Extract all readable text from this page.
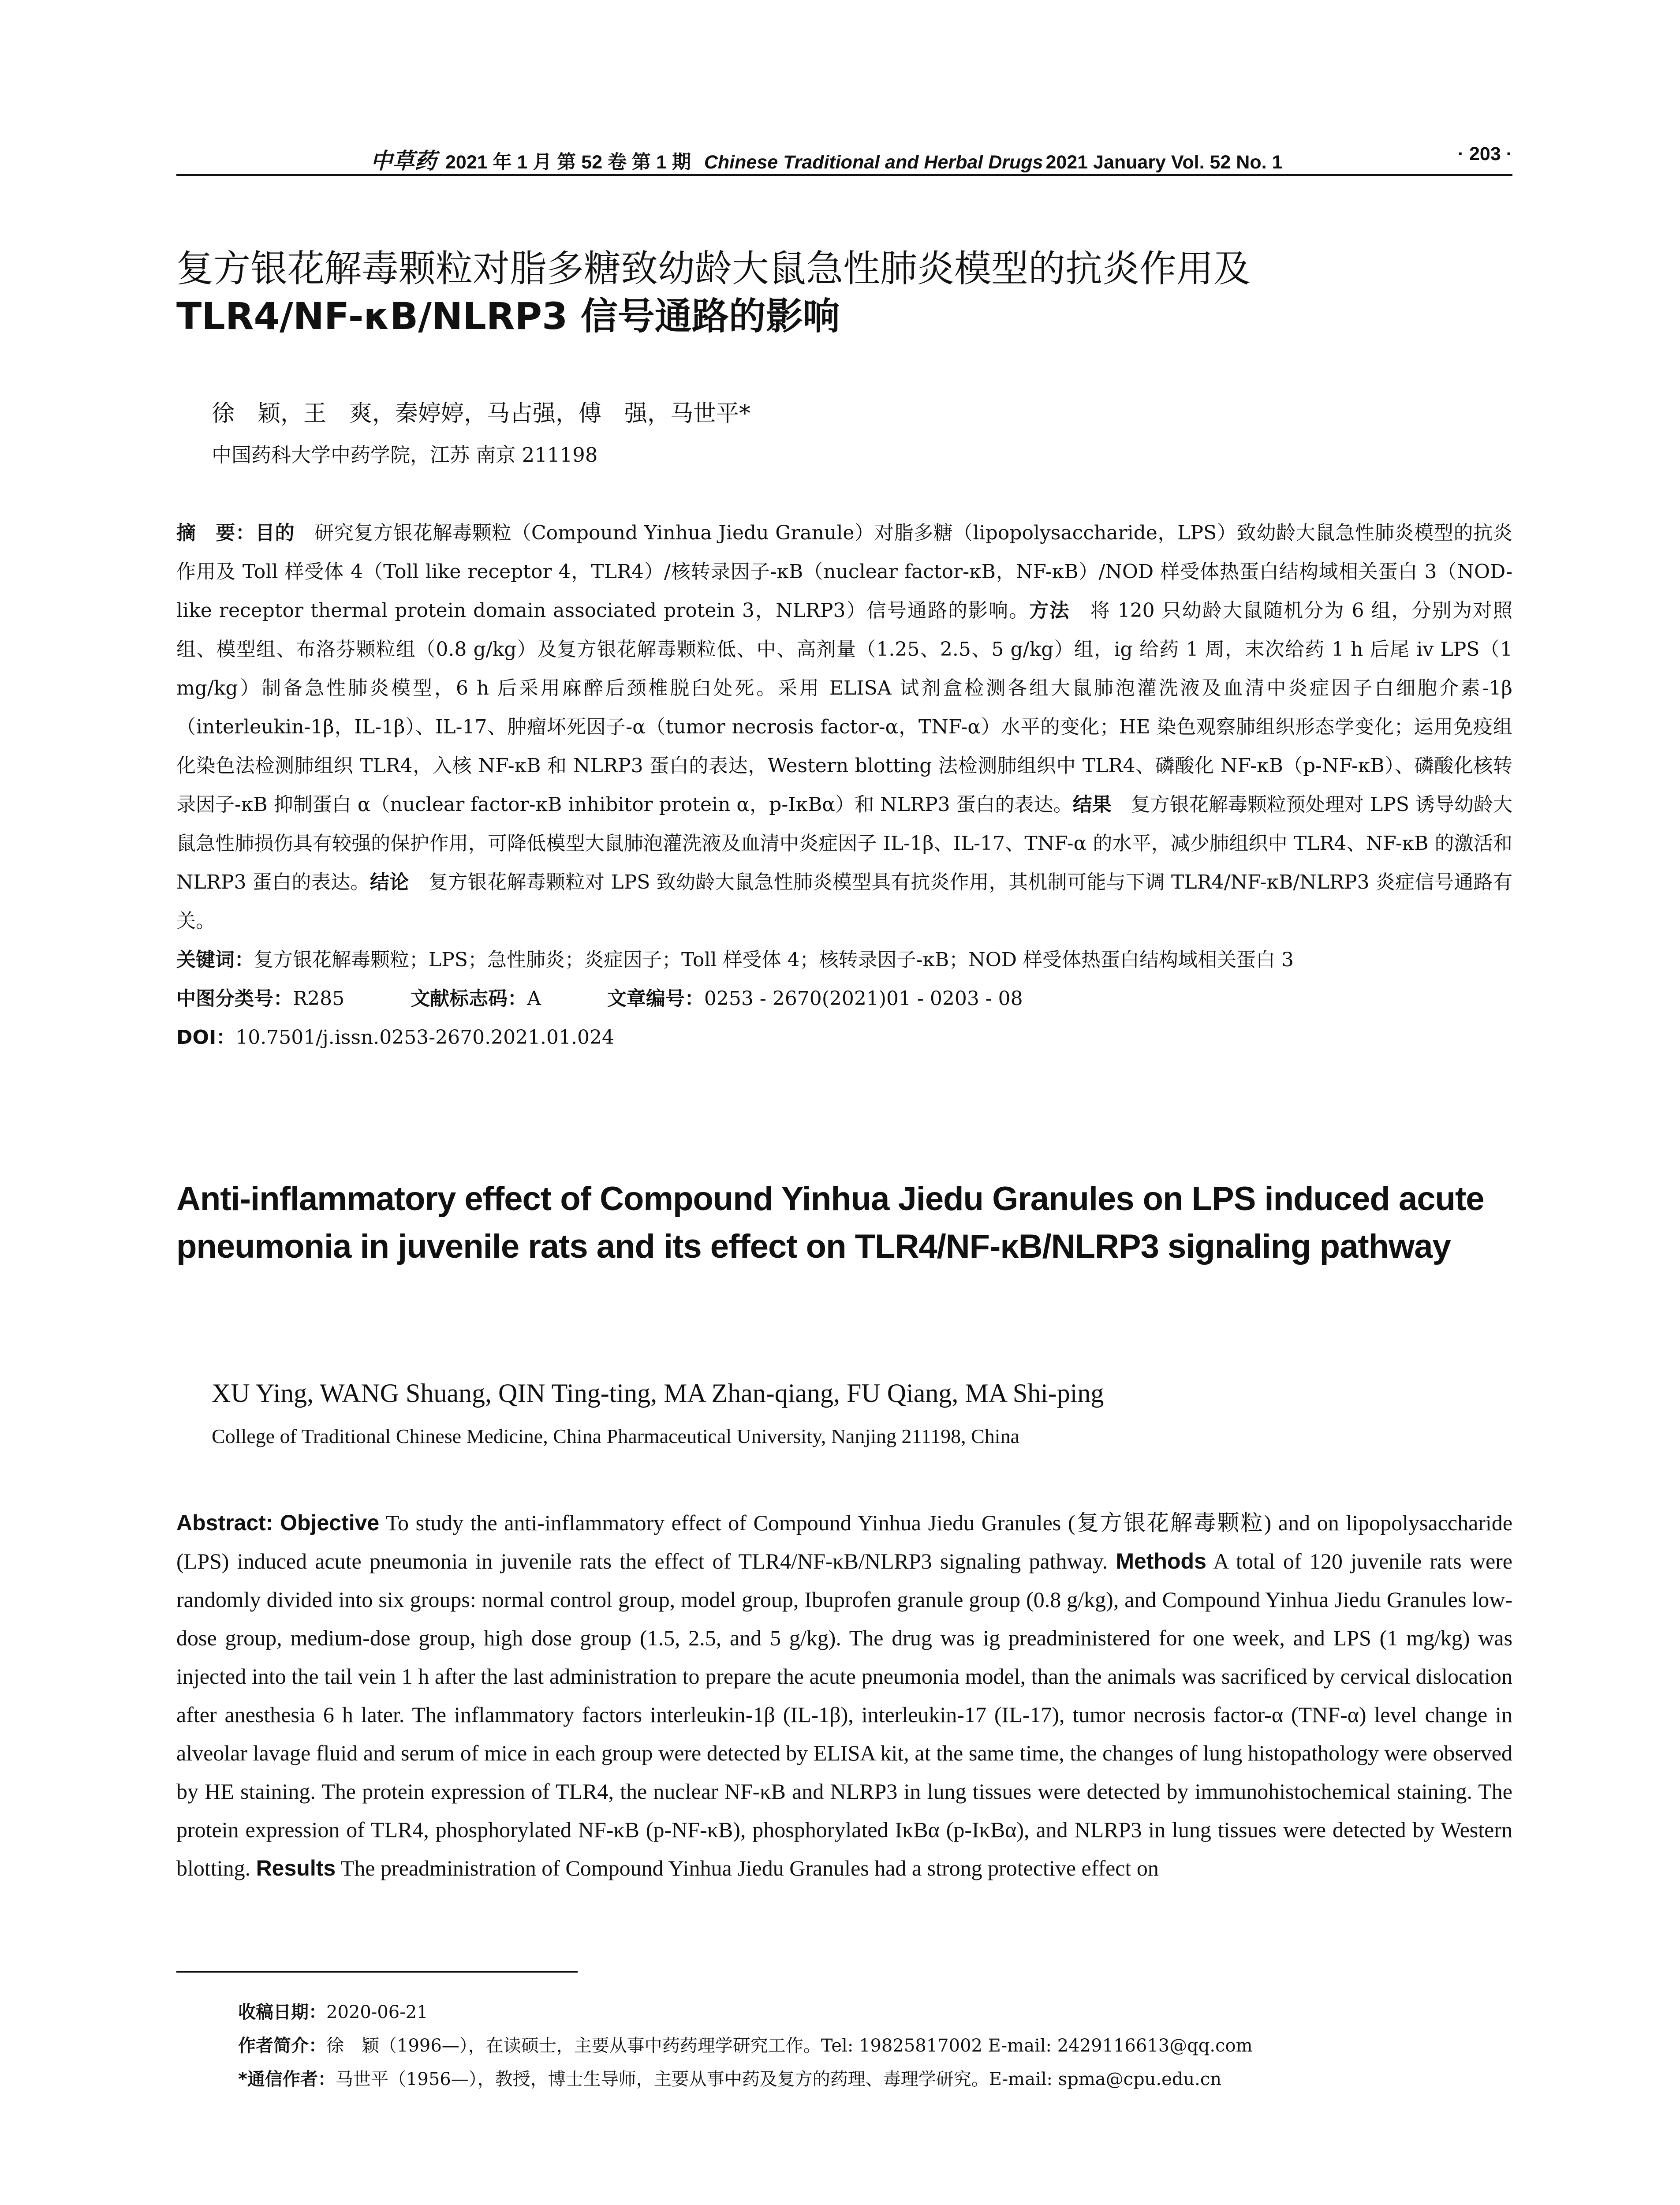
中草药 2021 年 1 月 第 52 卷 第 1 期 Chinese Traditional and Herbal Drugs 2021 January Vol. 52 No. 1	· 203 ·
复方银花解毒颗粒对脂多糖致幼龄大鼠急性肺炎模型的抗炎作用及
TLR4/NF-κB/NLRP3 信号通路的影响
徐　颖，王　爽，秦婷婷，马占强，傅　强，马世平*
中国药科大学中药学院，江苏 南京 211198

摘　要：目的　研究复方银花解毒颗粒（Compound Yinhua Jiedu Granule）对脂多糖（lipopolysaccharide，LPS）致幼龄大鼠急性肺炎模型的抗炎作用及 Toll 样受体 4（Toll like receptor 4，TLR4）/核转录因子-κB（nuclear factor-κB，NF-κB）/NOD 样受体热蛋白结构域相关蛋白 3（NOD-like receptor thermal protein domain associated protein 3，NLRP3）信号通路的影响。方法　将 120 只幼龄大鼠随机分为 6 组，分别为对照组、模型组、布洛芬颗粒组（0.8 g/kg）及复方银花解毒颗粒低、中、高剂量（1.25、2.5、5 g/kg）组，ig 给药 1 周，末次给药 1 h 后尾 iv LPS（1 mg/kg）制备急性肺炎模型，6 h 后采用麻醉后颈椎脱臼处死。采用 ELISA 试剂盒检测各组大鼠肺泡灌洗液及血清中炎症因子白细胞介素-1β（interleukin-1β，IL-1β）、IL-17、肿瘤坏死因子-α（tumor necrosis factor-α，TNF-α）水平的变化；HE 染色观察肺组织形态学变化；运用免疫组化染色法检测肺组织 TLR4，入核 NF-κB 和 NLRP3 蛋白的表达，Western blotting 法检测肺组织中 TLR4、磷酸化 NF-κB（p-NF-κB）、磷酸化核转录因子-κB 抑制蛋白 α（nuclear factor-κB inhibitor protein α，p-IκBα）和 NLRP3 蛋白的表达。结果　复方银花解毒颗粒预处理对 LPS 诱导幼龄大鼠急性肺损伤具有较强的保护作用，可降低模型大鼠肺泡灌洗液及血清中炎症因子 IL-1β、IL-17、TNF-α 的水平，减少肺组织中 TLR4、NF-κB 的激活和 NLRP3 蛋白的表达。结论　复方银花解毒颗粒对 LPS 致幼龄大鼠急性肺炎模型具有抗炎作用，其机制可能与下调 TLR4/NF-κB/NLRP3 炎症信号通路有关。

关键词：复方银花解毒颗粒；LPS；急性肺炎；炎症因子；Toll 样受体 4；核转录因子-κB；NOD 样受体热蛋白结构域相关蛋白 3

中图分类号：R285	文献标志码：A	文章编号：0253 - 2670(2021)01 - 0203 - 08

DOI：10.7501/j.issn.0253-2670.2021.01.024

Anti-inflammatory effect of Compound Yinhua Jiedu Granules on LPS induced acute pneumonia in juvenile rats and its effect on TLR4/NF-κB/NLRP3 signaling pathway
XU Ying, WANG Shuang, QIN Ting-ting, MA Zhan-qiang, FU Qiang, MA Shi-ping
College of Traditional Chinese Medicine, China Pharmaceutical University, Nanjing 211198, China
Abstract: Objective To study the anti-inflammatory effect of Compound Yinhua Jiedu Granules (复方银花解毒颗粒) and on lipopolysaccharide (LPS) induced acute pneumonia in juvenile rats the effect of TLR4/NF-κB/NLRP3 signaling pathway. Methods A total of 120 juvenile rats were randomly divided into six groups: normal control group, model group, Ibuprofen granule group (0.8 g/kg), and Compound Yinhua Jiedu Granules low-dose group, medium-dose group, high dose group (1.5, 2.5, and 5 g/kg). The drug was ig preadministered for one week, and LPS (1 mg/kg) was injected into the tail vein 1 h after the last administration to prepare the acute pneumonia model, than the animals was sacrificed by cervical dislocation after anesthesia 6 h later. The inflammatory factors interleukin-1β (IL-1β), interleukin-17 (IL-17), tumor necrosis factor-α (TNF-α) level change in alveolar lavage fluid and serum of mice in each group were detected by ELISA kit, at the same time, the changes of lung histopathology were observed by HE staining. The protein expression of TLR4, the nuclear NF-κB and NLRP3 in lung tissues were detected by immunohistochemical staining. The protein expression of TLR4, phosphorylated NF-κB (p-NF-κB), phosphorylated IκBα (p-IκBα), and NLRP3 in lung tissues were detected by Western blotting. Results The preadministration of Compound Yinhua Jiedu Granules had a strong protective effect on

收稿日期：2020-06-21

作者简介：徐　颖（1996—），在读硕士，主要从事中药药理学研究工作。Tel: 19825817002 E-mail: 2429116613@qq.com

*通信作者：马世平（1956—），教授，博士生导师，主要从事中药及复方的药理、毒理学研究。E-mail: spma@cpu.edu.cn
